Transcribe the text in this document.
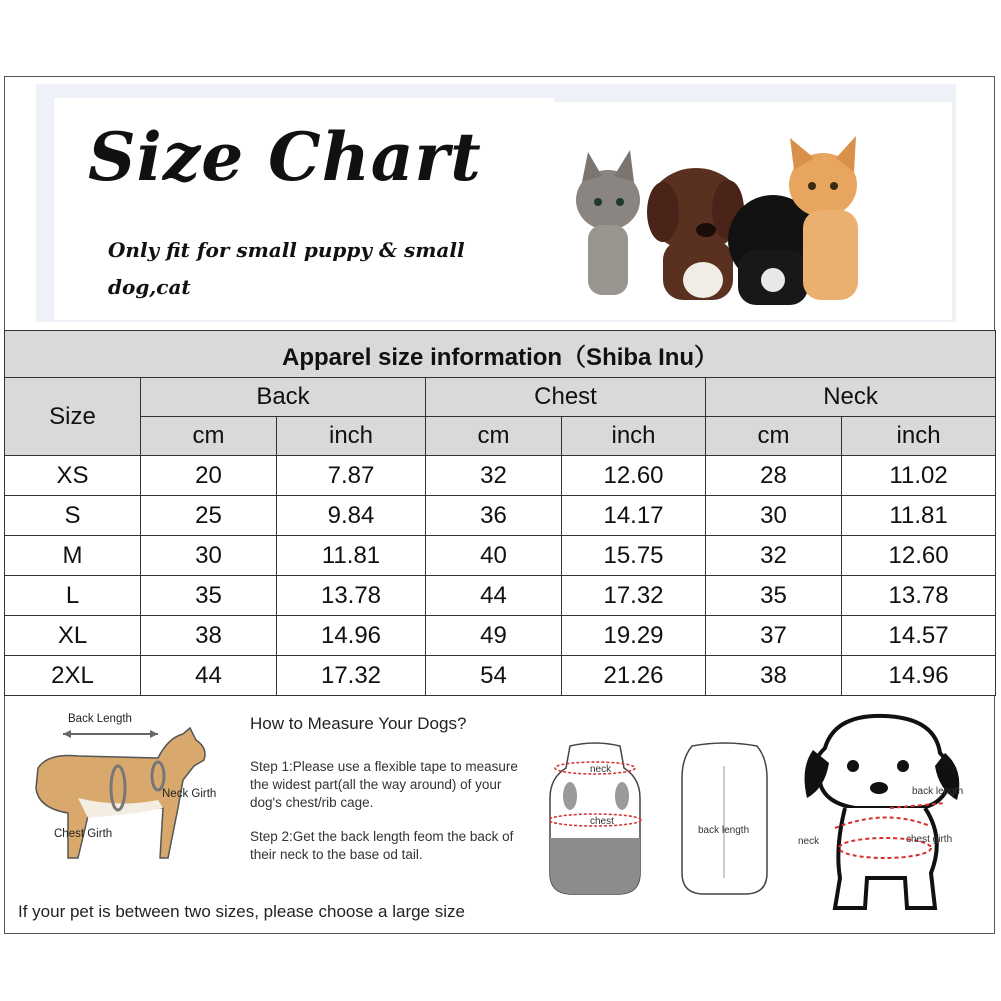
Size Chart
Only fit for small puppy & small dog,cat
Apparel size information（Shiba Inu）						
Size	Back		Chest		Neck	
	cm	inch	cm	inch	cm	inch
XS	20	7.87	32	12.60	28	11.02
S	25	9.84	36	14.17	30	11.81
M	30	11.81	40	15.75	32	12.60
L	35	13.78	44	17.32	35	13.78
XL	38	14.96	49	19.29	37	14.57
2XL	44	17.32	54	21.26	38	14.96
Back Length
Neck Girth
Chest Girth
How to Measure Your Dogs?
Step 1:Please use a flexible tape to measure the widest part(all the way around) of your dog's chest/rib cage.
Step 2:Get the back length feom the back of their neck to the base od tail.
If your pet is between two sizes, please choose a large size
neck
chest
back length
back length
neck	chest girth
